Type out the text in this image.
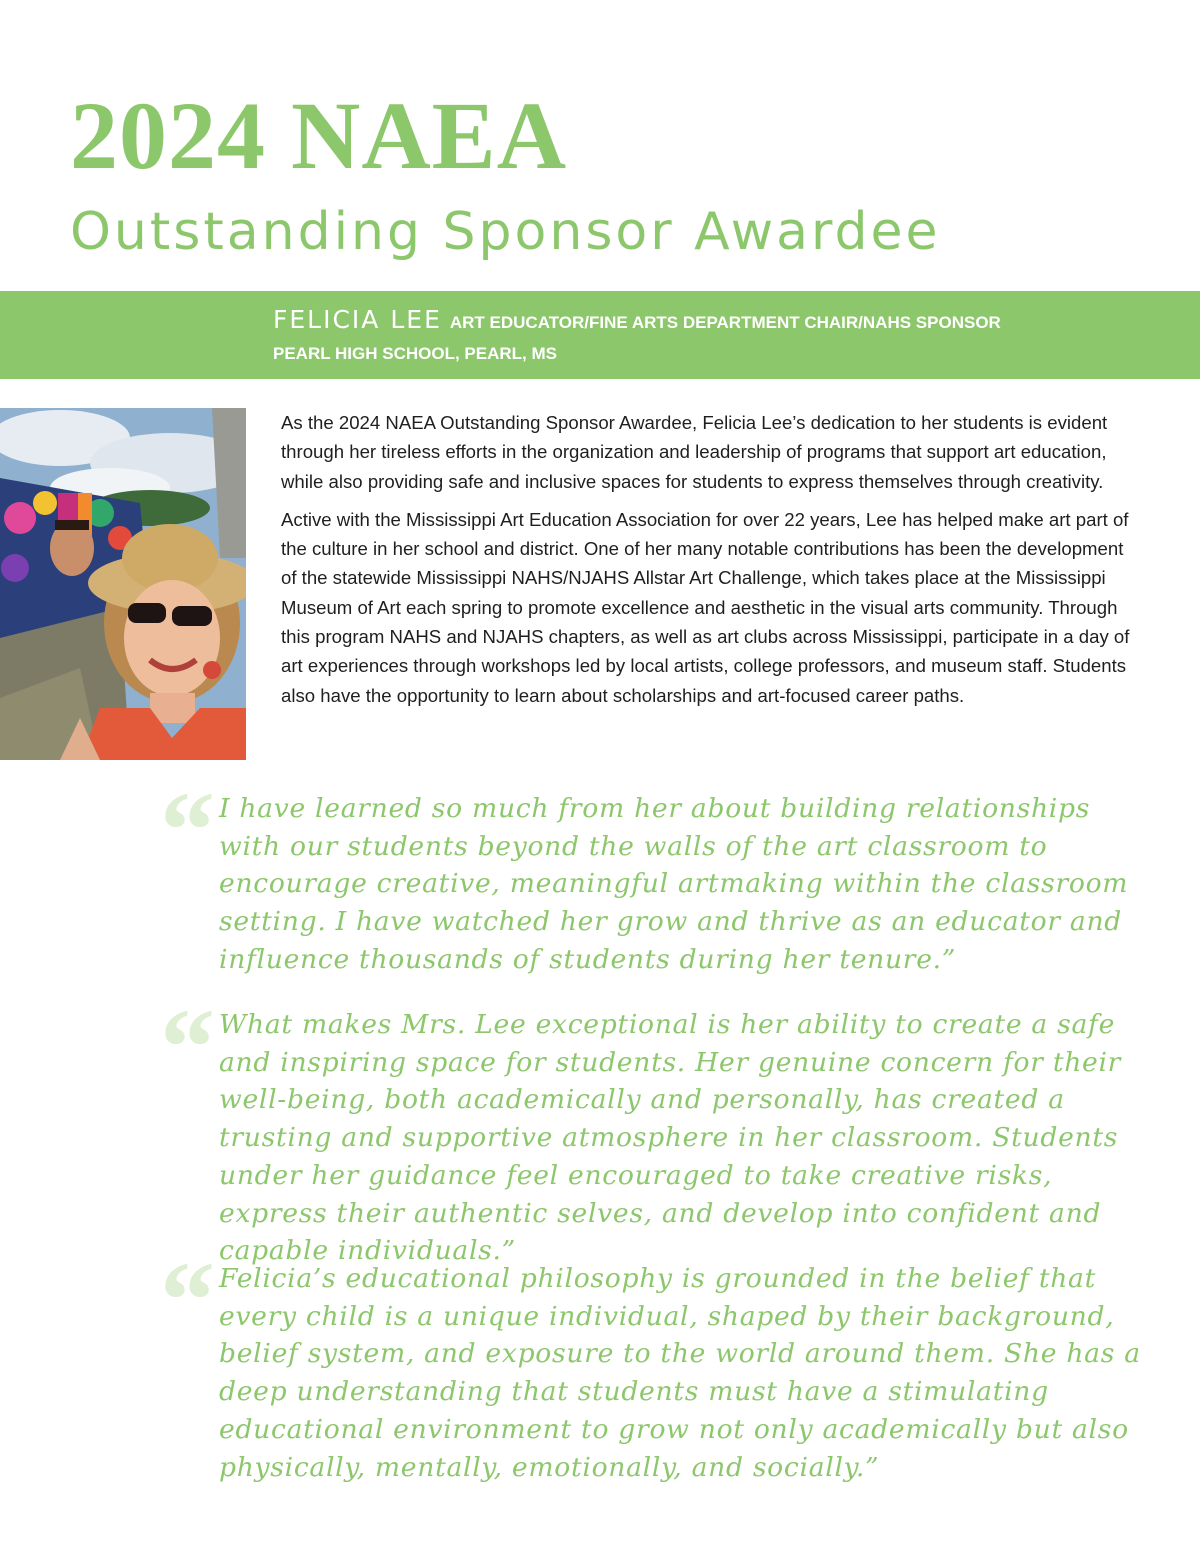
2024 NAEA
Outstanding Sponsor Awardee
FELICIA LEE ART EDUCATOR/FINE ARTS DEPARTMENT CHAIR/NAHS SPONSOR
PEARL HIGH SCHOOL, PEARL, MS

As the 2024 NAEA Outstanding Sponsor Awardee, Felicia Lee’s dedication to her students is evident through her tireless efforts in the organization and leadership of programs that support art education, while also providing safe and inclusive spaces for students to express themselves through creativity.

Active with the Mississippi Art Education Association for over 22 years, Lee has helped make art part of the culture in her school and district. One of her many notable contributions has been the development of the statewide Mississippi NAHS/NJAHS Allstar Art Challenge, which takes place at the Mississippi Museum of Art each spring to promote excellence and aesthetic in the visual arts community. Through this program NAHS and NJAHS chapters, as well as art clubs across Mississippi, participate in a day of art experiences through workshops led by local artists, college professors, and museum staff. Students also have the opportunity to learn about scholarships and art-focused career paths.

“ I have learned so much from her about building relationships with our students beyond the walls of the art classroom to encourage creative, meaningful artmaking within the classroom setting. I have watched her grow and thrive as an educator and influence thousands of students during her tenure.”
“ What makes Mrs. Lee exceptional is her ability to create a safe and inspiring space for students. Her genuine concern for their well-being, both academically and personally, has created a trusting and supportive atmosphere in her classroom. Students under her guidance feel encouraged to take creative risks, express their authentic selves, and develop into confident and capable individuals.”
“ Felicia’s educational philosophy is grounded in the belief that every child is a unique individual, shaped by their background, belief system, and exposure to the world around them. She has a deep understanding that students must have a stimulating educational environment to grow not only academically but also physically, mentally, emotionally, and socially.”
